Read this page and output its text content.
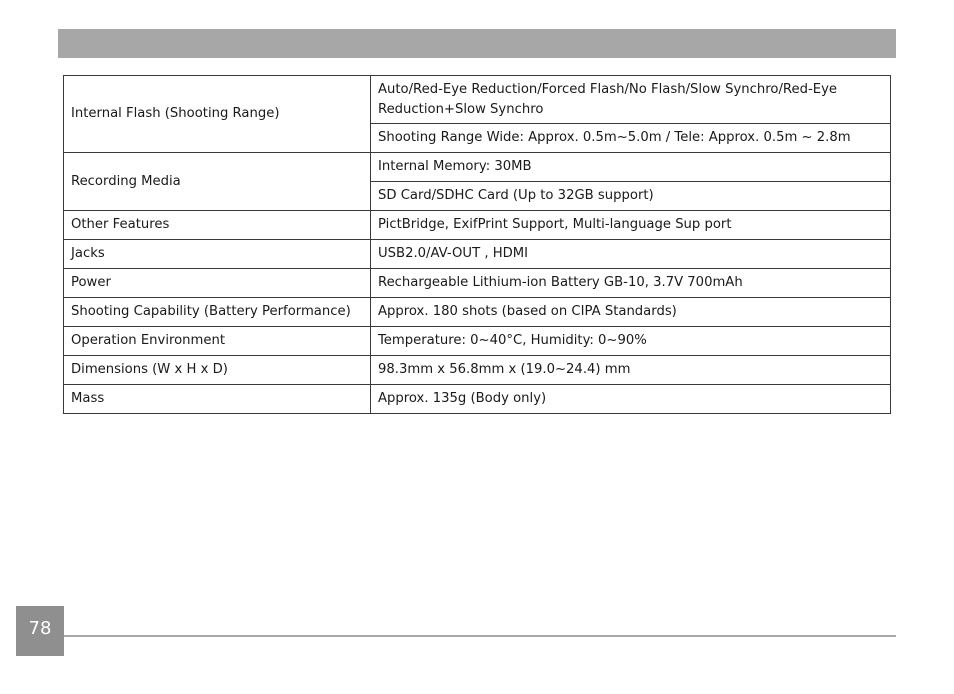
Internal Flash (Shooting Range)	Auto/Red-Eye Reduction/Forced Flash/No Flash/Slow Synchro/Red-Eye Reduction+Slow Synchro
	Shooting Range Wide: Approx. 0.5m~5.0m / Tele: Approx. 0.5m ~ 2.8m
Recording Media	Internal Memory: 30MB
	SD Card/SDHC Card (Up to 32GB support)
Other Features	PictBridge, ExifPrint Support, Multi-language Sup port
Jacks	USB2.0/AV-OUT , HDMI
Power	Rechargeable Lithium-ion Battery GB-10, 3.7V 700mAh
Shooting Capability (Battery Performance)	Approx. 180 shots (based on CIPA Standards)
Operation Environment	Temperature: 0~40°C, Humidity: 0~90%
Dimensions (W x H x D)	98.3mm x 56.8mm x (19.0~24.4) mm
Mass	Approx. 135g (Body only)
78
